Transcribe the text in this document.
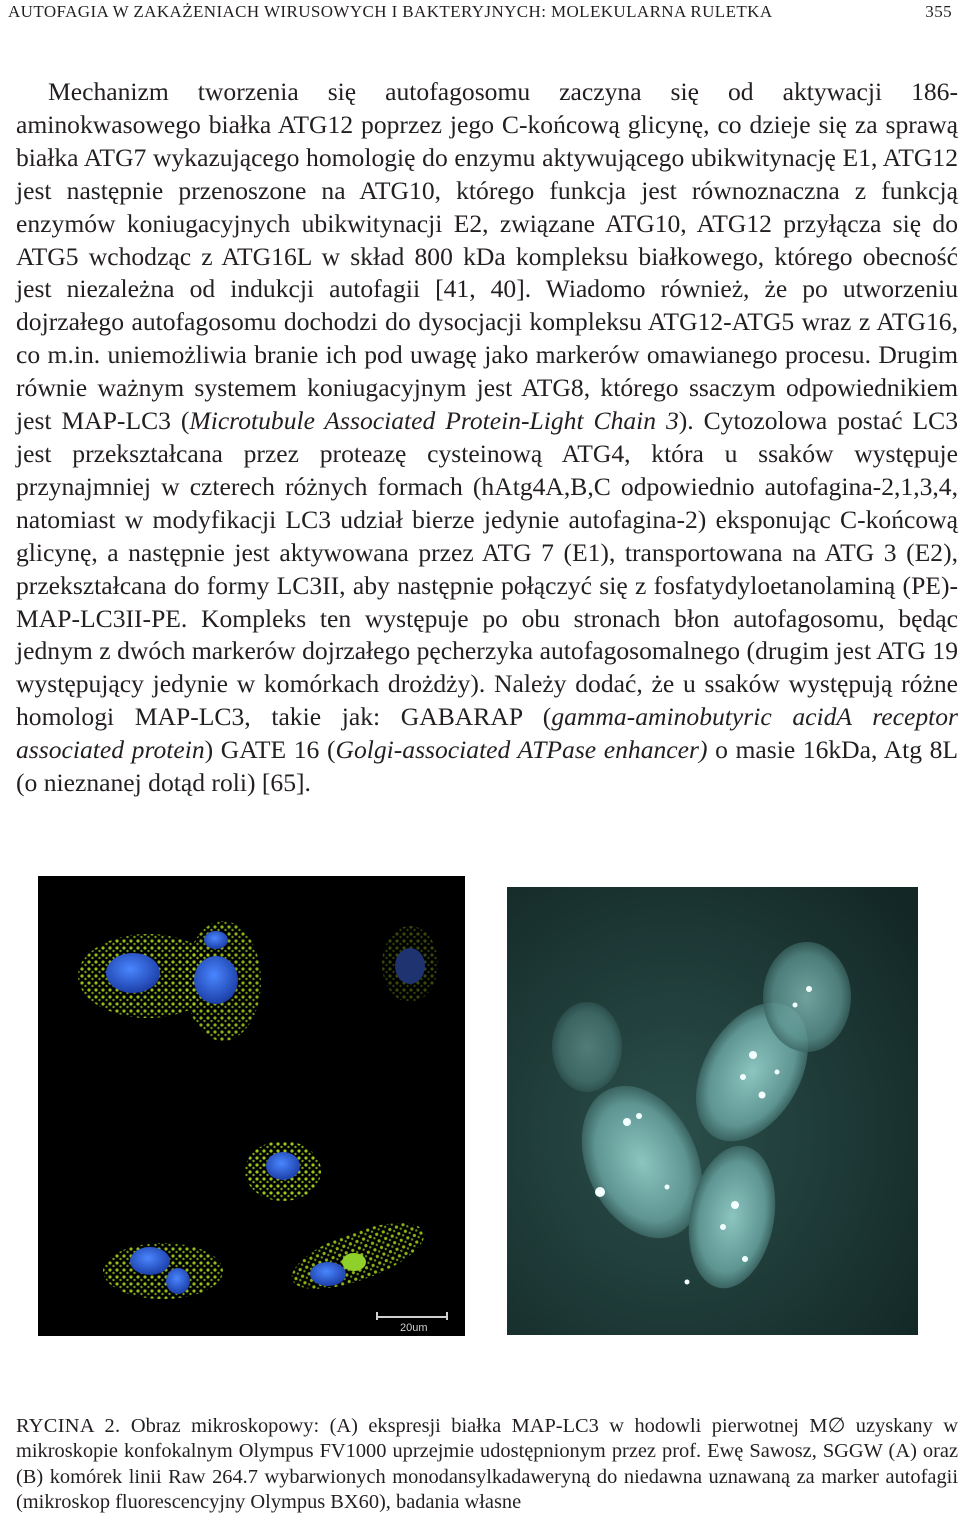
AUTOFAGIA W ZAKAŻENIACH WIRUSOWYCH I BAKTERYJNYCH: MOLEKULARNA RULETKA	355

Mechanizm tworzenia się autofagosomu zaczyna się od aktywacji 186-aminokwasowego białka ATG12 poprzez jego C-końcową glicynę, co dzieje się za sprawą białka ATG7 wykazującego homologię do enzymu aktywującego ubikwitynację E1, ATG12 jest następnie przenoszone na ATG10, którego funkcja jest równoznaczna z funkcją enzymów koniugacyjnych ubikwitynacji E2, związane ATG10, ATG12 przyłącza się do ATG5 wchodząc z ATG16L w skład 800 kDa kompleksu białkowego, którego obecność jest niezależna od indukcji autofagii [41, 40]. Wiadomo również, że po utworzeniu dojrzałego autofagosomu dochodzi do dysocjacji kompleksu ATG12-ATG5 wraz z ATG16, co m.in. uniemożliwia branie ich pod uwagę jako markerów omawianego procesu. Drugim równie ważnym systemem koniugacyjnym jest ATG8, którego ssaczym odpowiednikiem jest MAP-LC3 (Microtubule Associated Protein-Light Chain 3). Cytozolowa postać LC3 jest przekształcana przez proteazę cysteinową ATG4, która u ssaków występuje przynajmniej w czterech różnych formach (hAtg4A,B,C odpowiednio autofagina-2,1,3,4, natomiast w modyfikacji LC3 udział bierze jedynie autofagina-2) eksponując C-końcową glicynę, a następnie jest aktywowana przez ATG 7 (E1), transportowana na ATG 3 (E2), przekształcana do formy LC3II, aby następnie połączyć się z fosfatydyloetanolaminą (PE)-MAP-LC3II-PE. Kompleks ten występuje po obu stronach błon autofagosomu, będąc jednym z dwóch markerów dojrzałego pęcherzyka autofagosomalnego (drugim jest ATG 19 występujący jedynie w komórkach drożdży). Należy dodać, że u ssaków występują różne homologi MAP-LC3, takie jak: GABARAP (gamma-aminobutyric acidA receptor associated protein) GATE 16 (Golgi-associated ATPase enhancer) o masie 16kDa, Atg 8L (o nieznanej dotąd roli) [65].

20um
RYCINA 2. Obraz mikroskopowy: (A) ekspresji białka MAP-LC3 w hodowli pierwotnej M∅ uzyskany w mikroskopie konfokalnym Olympus FV1000 uprzejmie udostępnionym przez prof. Ewę Sawosz, SGGW (A) oraz (B) komórek linii Raw 264.7 wybarwionych monodansylkadaweryną do niedawna uznawaną za marker autofagii (mikroskop fluorescencyjny Olympus BX60), badania własne
